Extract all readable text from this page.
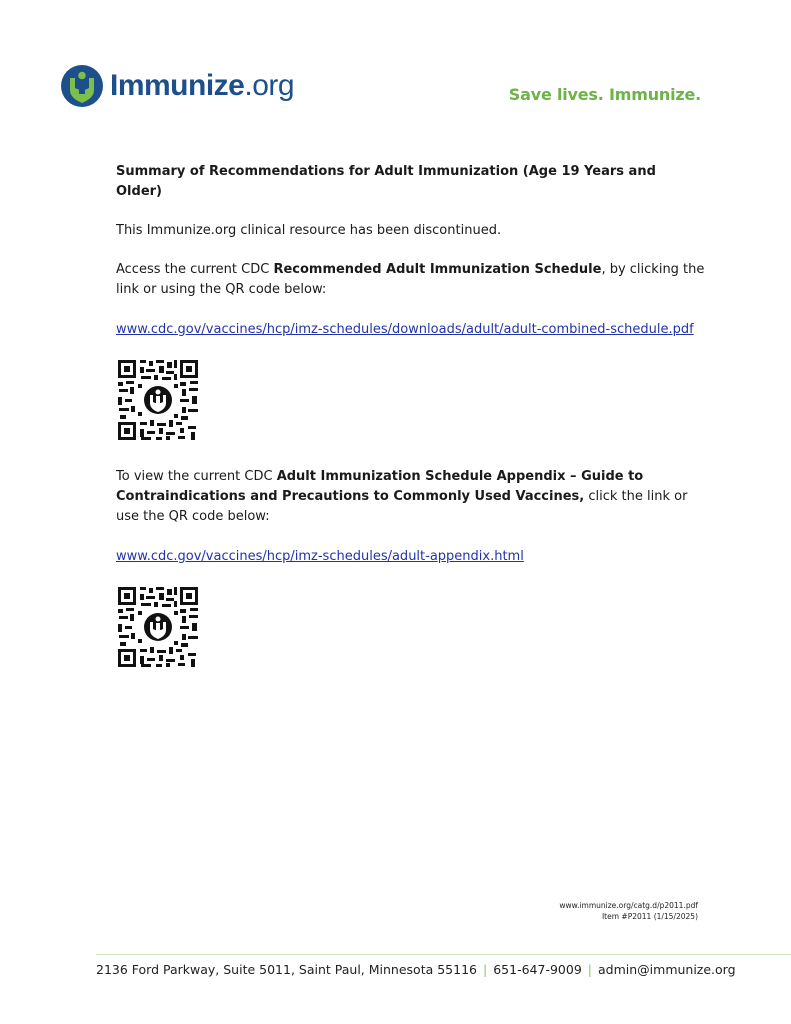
Immunize.org	Save lives. Immunize.

Summary of Recommendations for Adult Immunization (Age 19 Years and Older)

This Immunize.org clinical resource has been discontinued.

Access the current CDC Recommended Adult Immunization Schedule, by clicking the link or using the QR code below:

www.cdc.gov/vaccines/hcp/imz-schedules/downloads/adult/adult-combined-schedule.pdf

To view the current CDC Adult Immunization Schedule Appendix – Guide to Contraindications and Precautions to Commonly Used Vaccines, click the link or use the QR code below:

www.cdc.gov/vaccines/hcp/imz-schedules/adult-appendix.html

www.immunize.org/catg.d/p2011.pdf
Item #P2011 (1/15/2025)
2136 Ford Parkway, Suite 5011, Saint Paul, Minnesota 55116 | 651-647-9009 | admin@immunize.org
